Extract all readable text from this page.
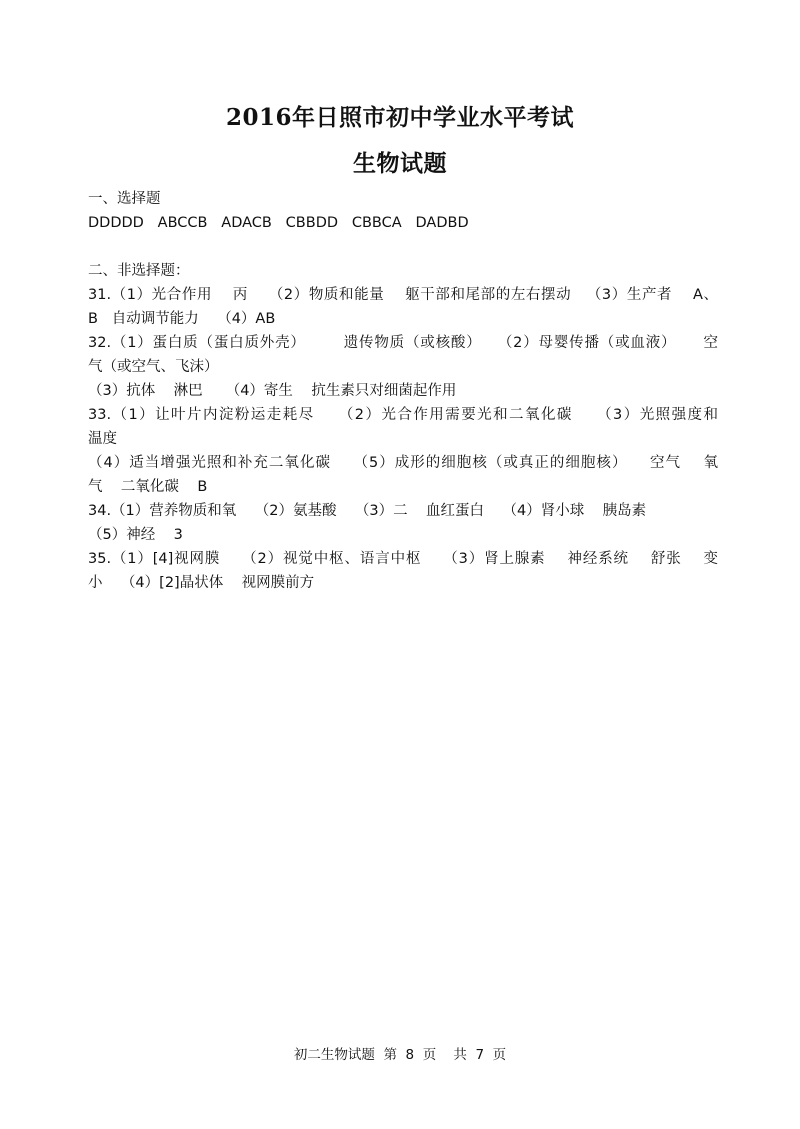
2016年日照市初中学业水平考试
生物试题
一、选择题
DDDDD   ABCCB   ADACB   CBBDD   CBBCA   DADBD
二、非选择题：
31.（1）光合作用    丙    （2）物质和能量    躯干部和尾部的左右摆动   （3）生产者    A、
B   自动调节能力    （4）AB
32.（1）蛋白质（蛋白质外壳）       遗传物质（或核酸）   （2）母婴传播（或血液）     空
气（或空气、飞沫）
（3）抗体    淋巴     （4）寄生    抗生素只对细菌起作用
33.（1）让叶片内淀粉运走耗尽    （2）光合作用需要光和二氧化碳    （3）光照强度和
温度
（4）适当增强光照和补充二氧化碳    （5）成形的细胞核（或真正的细胞核）    空气    氧
气    二氧化碳    B
34.（1）营养物质和氧    （2）氨基酸    （3）二    血红蛋白    （4）肾小球    胰岛素
（5）神经    3
35.（1）[4]视网膜    （2）视觉中枢、语言中枢    （3）肾上腺素    神经系统    舒张    变
小    （4）[2]晶状体    视网膜前方
初二生物试题  第  8  页    共  7  页
